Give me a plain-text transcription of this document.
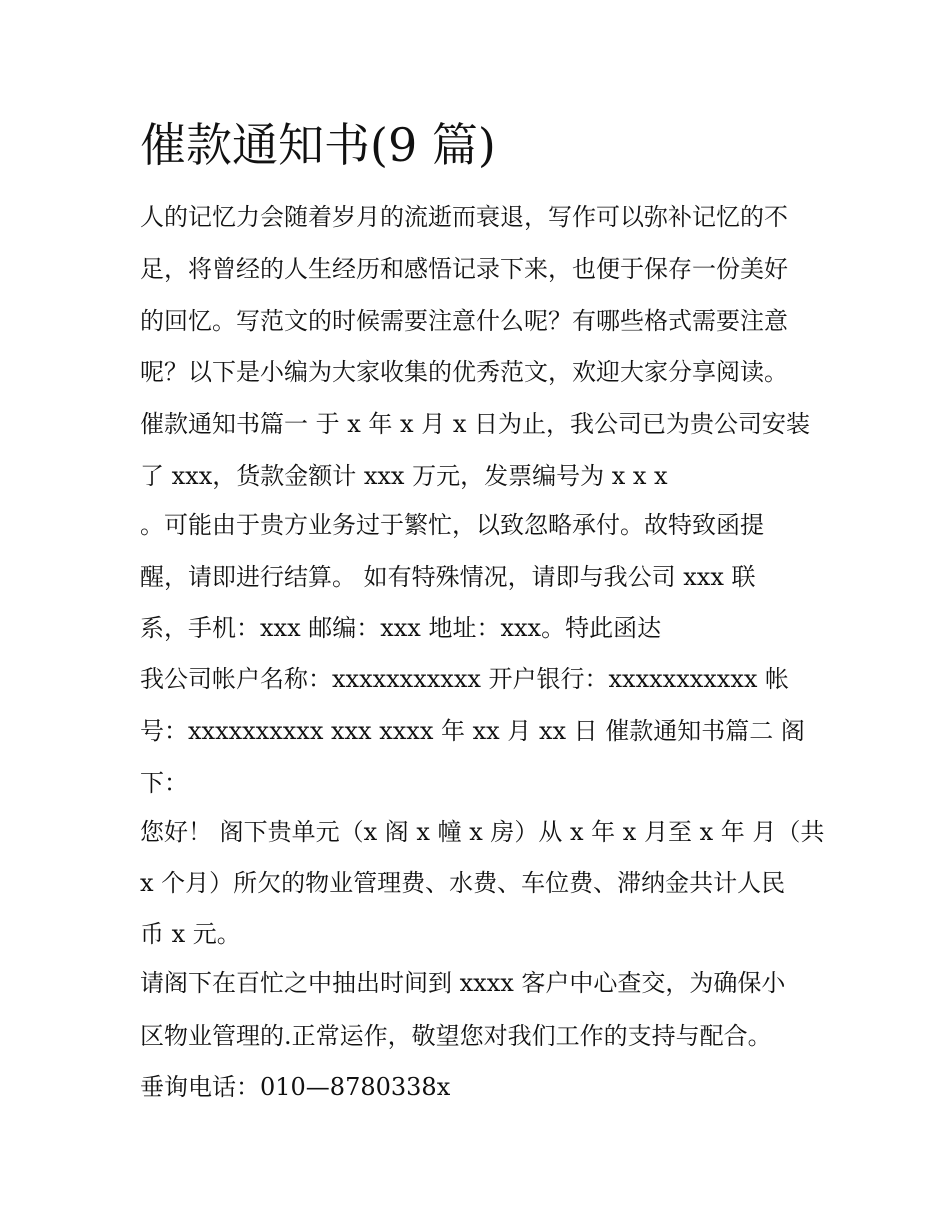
催款通知书(9 篇)

人的记忆力会随着岁月的流逝而衰退，写作可以弥补记忆的不

足，将曾经的人生经历和感悟记录下来，也便于保存一份美好

的回忆。写范文的时候需要注意什么呢？有哪些格式需要注意

呢？以下是小编为大家收集的优秀范文，欢迎大家分享阅读。

催款通知书篇一 于 x 年 x 月 x 日为止，我公司已为贵公司安装

了 xxx，货款金额计 xxx 万元，发票编号为 x x x

。可能由于贵方业务过于繁忙，以致忽略承付。故特致函提

醒，请即进行结算。 如有特殊情况，请即与我公司 xxx 联

系，手机：xxx 邮编：xxx 地址：xxx。特此函达

我公司帐户名称：xxxxxxxxxxx 开户银行：xxxxxxxxxxx 帐

号：xxxxxxxxxx xxx xxxx 年 xx 月 xx 日 催款通知书篇二 阁

下：

您好！ 阁下贵单元（x 阁 x 幢 x 房）从 x 年 x 月至 x 年 月（共

x 个月）所欠的物业管理费、水费、车位费、滞纳金共计人民

币 x 元。

请阁下在百忙之中抽出时间到 xxxx 客户中心查交，为确保小

区物业管理的.正常运作，敬望您对我们工作的支持与配合。

垂询电话：010—8780338x
